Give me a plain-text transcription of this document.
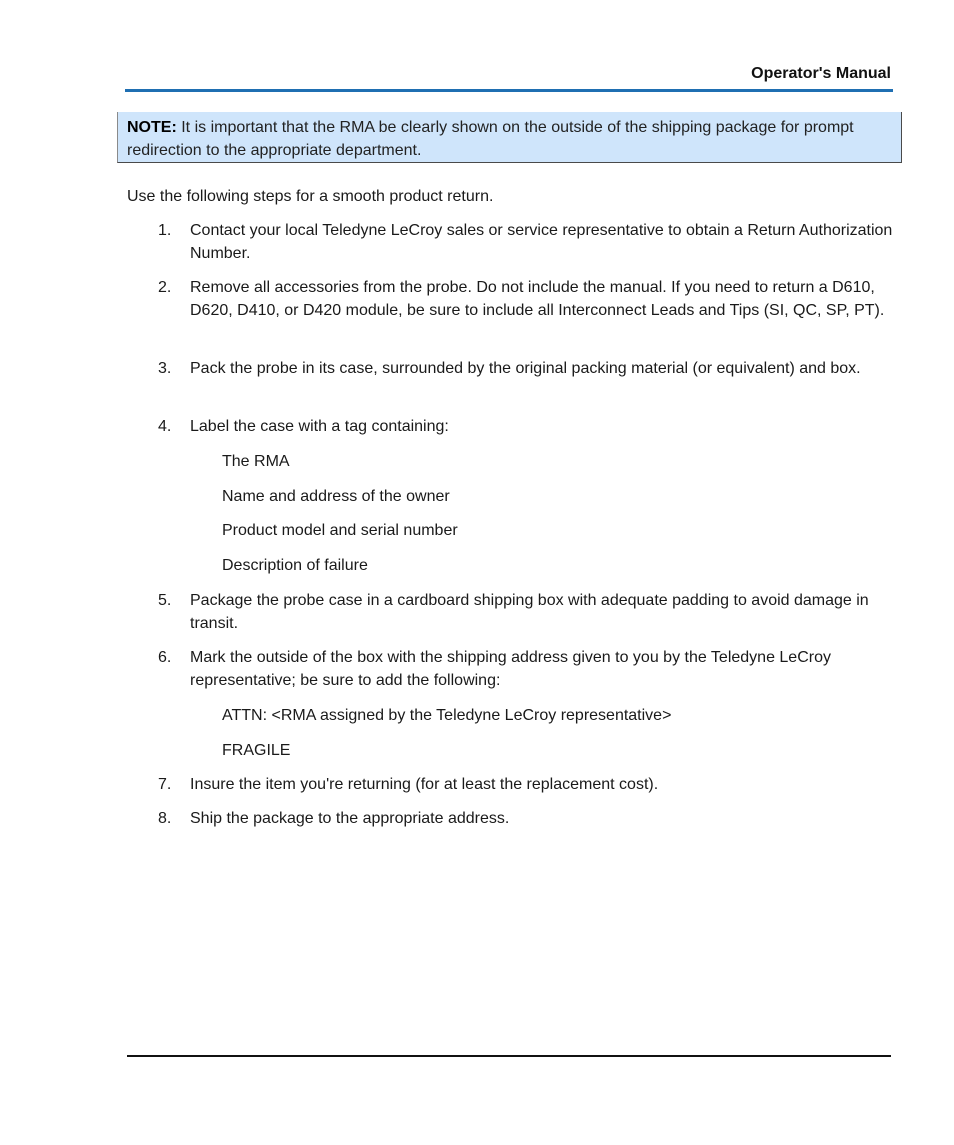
Operator's Manual
NOTE: It is important that the RMA be clearly shown on the outside of the shipping package for prompt redirection to the appropriate department.
Use the following steps for a smooth product return.
1.	Contact your local Teledyne LeCroy sales or service representative to obtain a Return Authorization Number.
2.	Remove all accessories from the probe. Do not include the manual. If you need to return a D610, D620, D410, or D420 module, be sure to include all Interconnect Leads and Tips (SI, QC, SP, PT).
3.	Pack the probe in its case, surrounded by the original packing material (or equivalent) and box.
4.	Label the case with a tag containing:
The RMA
Name and address of the owner
Product model and serial number
Description of failure
5.	Package the probe case in a cardboard shipping box with adequate padding to avoid damage in transit.
6.	Mark the outside of the box with the shipping address given to you by the Teledyne LeCroy representative; be sure to add the following:
ATTN: <RMA assigned by the Teledyne LeCroy representative>
FRAGILE
7.	Insure the item you're returning (for at least the replacement cost).
8.	Ship the package to the appropriate address.
